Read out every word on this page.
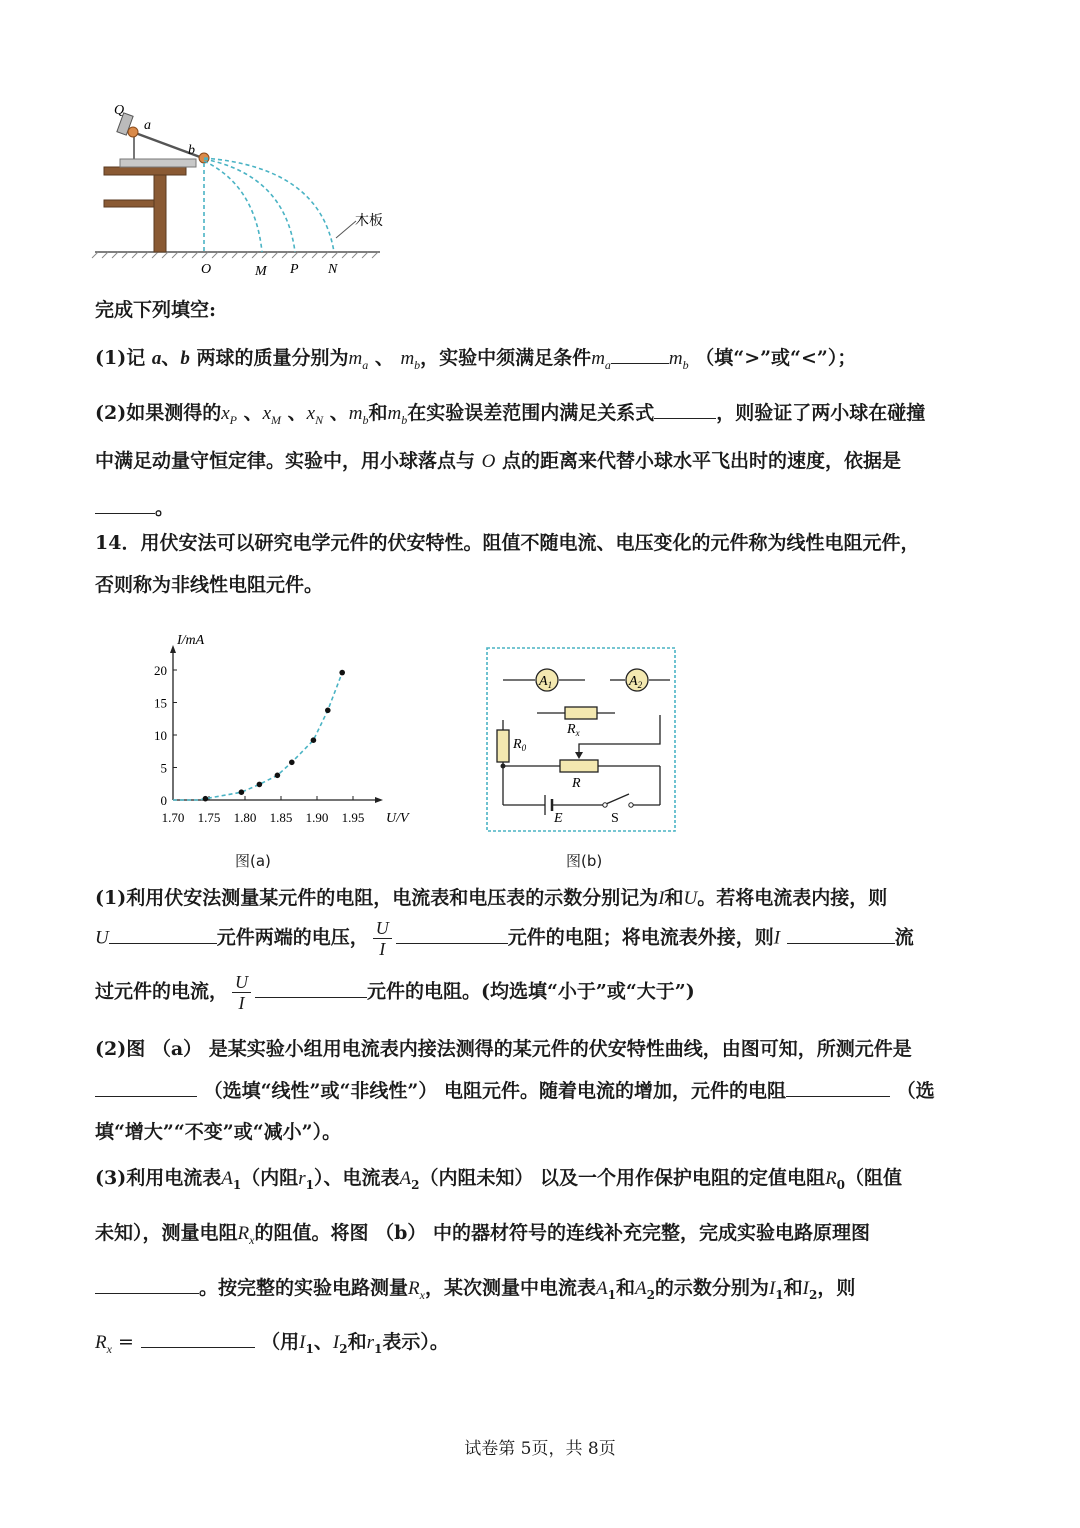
Q
a
b
O	M P N
木板
完成下列填空:
(1)记 a、b 两球的质量分别为$m_a$ 、 $m_b$，实验中须满足条件$m_a$	$m_b$ （填“>”或“<”）；
(2)如果测得的$x_P$ 、$x_M$ 、$x_N$ 、$m_b$和$m_b$在实验误差范围内满足关系式	，则验证了两小球在碰撞
中满足动量守恒定律。实验中，用小球落点与 O 点的距离来代替小球水平飞出时的速度，依据是
。
14．用伏安法可以研究电学元件的伏安特性。阻值不随电流、电压变化的元件称为线性电阻元件，
否则称为非线性电阻元件。
1.70 1.75 1.80 1.85 1.90 1.95
0
5
10
15
20
U/V
I/mA
图(a)
$A_1$	$A_2$
$R_x$
$R_0$
R
E	S
图(b)
(1)利用伏安法测量某元件的电阻，电流表和电压表的示数分别记为I和U。若将电流表内接，则
U	元件两端的电压， $\frac{U}{I}$	元件的电阻；将电流表外接，则I	流
过元件的电流， $\frac{U}{I}$	元件的电阻。(均选填“小于”或“大于”)
(2)图 （a） 是某实验小组用电流表内接法测得的某元件的伏安特性曲线，由图可知，所测元件是
（选填“线性”或“非线性”） 电阻元件。随着电流的增加，元件的电阻	（选
填“增大”“不变”或“减小”）。
(3)利用电流表$A_1$（内阻$r_1$）、电流表$A_2$（内阻未知） 以及一个用作保护电阻的定值电阻$R_0$（阻值
未知），测量电阻$R_x$的阻值。将图 （b） 中的器材符号的连线补充完整，完成实验电路原理图
。按完整的实验电路测量$R_x$，某次测量中电流表$A_1$和$A_2$的示数分别为$I_1$和$I_2$，则
$R_x$ =	（用$I_1$、$I_2$和$r_1$表示）。
试卷第 5页，共 8页
